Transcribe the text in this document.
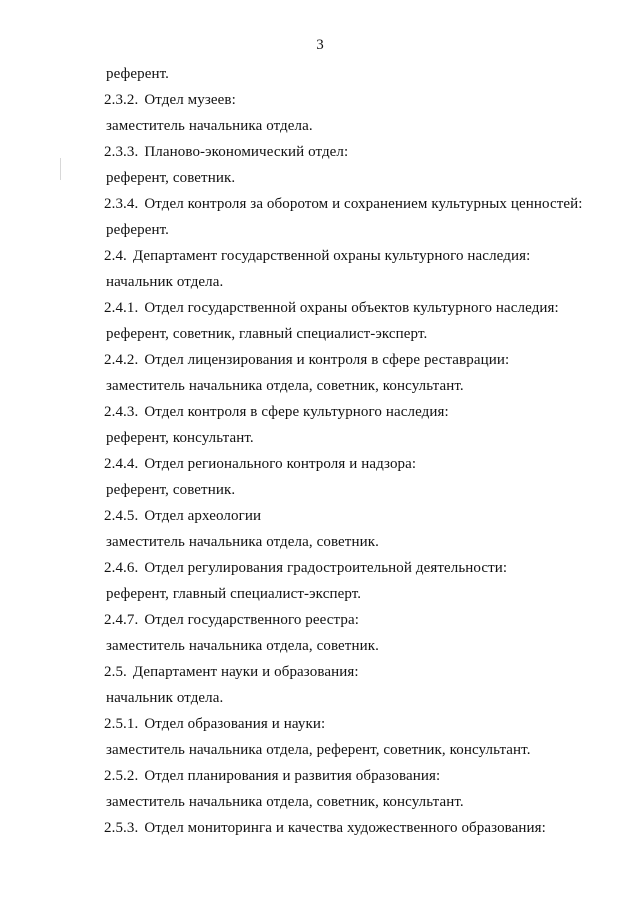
3
референт.
2.3.2. Отдел музеев:
заместитель начальника отдела.
2.3.3. Планово-экономический отдел:
референт, советник.
2.3.4. Отдел контроля за оборотом и сохранением культурных ценностей:
референт.
2.4. Департамент государственной охраны культурного наследия:
начальник отдела.
2.4.1. Отдел государственной охраны объектов культурного наследия:
референт, советник, главный специалист-эксперт.
2.4.2. Отдел лицензирования и контроля в сфере реставрации:
заместитель начальника отдела, советник, консультант.
2.4.3. Отдел контроля в сфере культурного наследия:
референт, консультант.
2.4.4. Отдел регионального контроля и надзора:
референт, советник.
2.4.5. Отдел археологии
заместитель начальника отдела, советник.
2.4.6. Отдел регулирования градостроительной деятельности:
референт, главный специалист-эксперт.
2.4.7. Отдел государственного реестра:
заместитель начальника отдела, советник.
2.5. Департамент науки и образования:
начальник отдела.
2.5.1. Отдел образования и науки:
заместитель начальника отдела, референт, советник, консультант.
2.5.2. Отдел планирования и развития образования:
заместитель начальника отдела, советник, консультант.
2.5.3. Отдел мониторинга и качества художественного образования:
